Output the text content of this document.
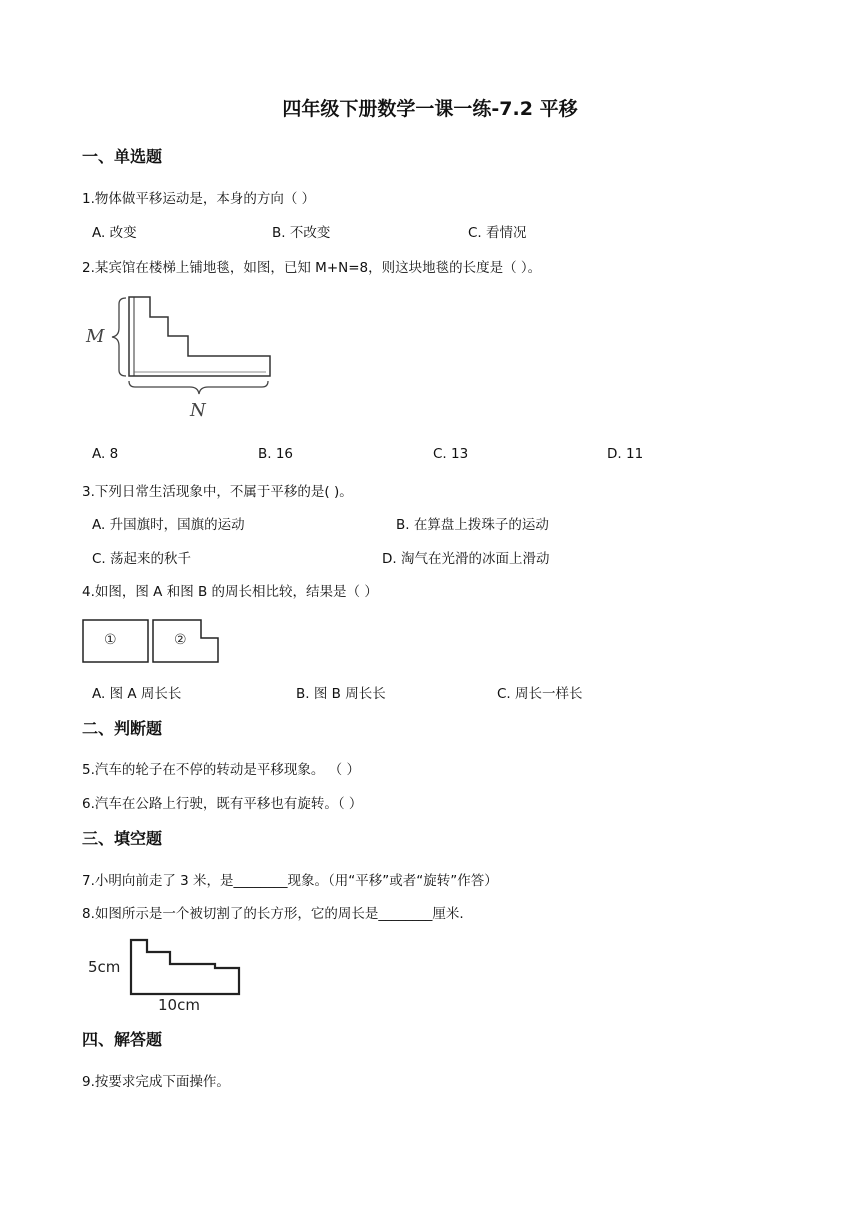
四年级下册数学一课一练-7.2 平移
一、单选题
1.物体做平移运动是，本身的方向（ ）
A. 改变	B. 不改变	C. 看情况
2.某宾馆在楼梯上铺地毯，如图，已知 M+N=8，则这块地毯的长度是（ ）。
M
N
A. 8	B. 16	C. 13	D. 11
3.下列日常生活现象中，不属于平移的是( )。
A. 升国旗时，国旗的运动	B. 在算盘上拨珠子的运动
C. 荡起来的秋千	D. 淘气在光滑的冰面上滑动
4.如图，图 A 和图 B 的周长相比较，结果是（ ）
①	②
A. 图 A 周长长	B. 图 B 周长长	C. 周长一样长
二、判断题
5.汽车的轮子在不停的转动是平移现象。 （ ）
6.汽车在公路上行驶，既有平移也有旋转。（ ）
三、填空题
7.小明向前走了 3 米，是________现象。（用“平移”或者“旋转”作答）
8.如图所示是一个被切割了的长方形，它的周长是________厘米.
5cm
10cm
四、解答题
9.按要求完成下面操作。
